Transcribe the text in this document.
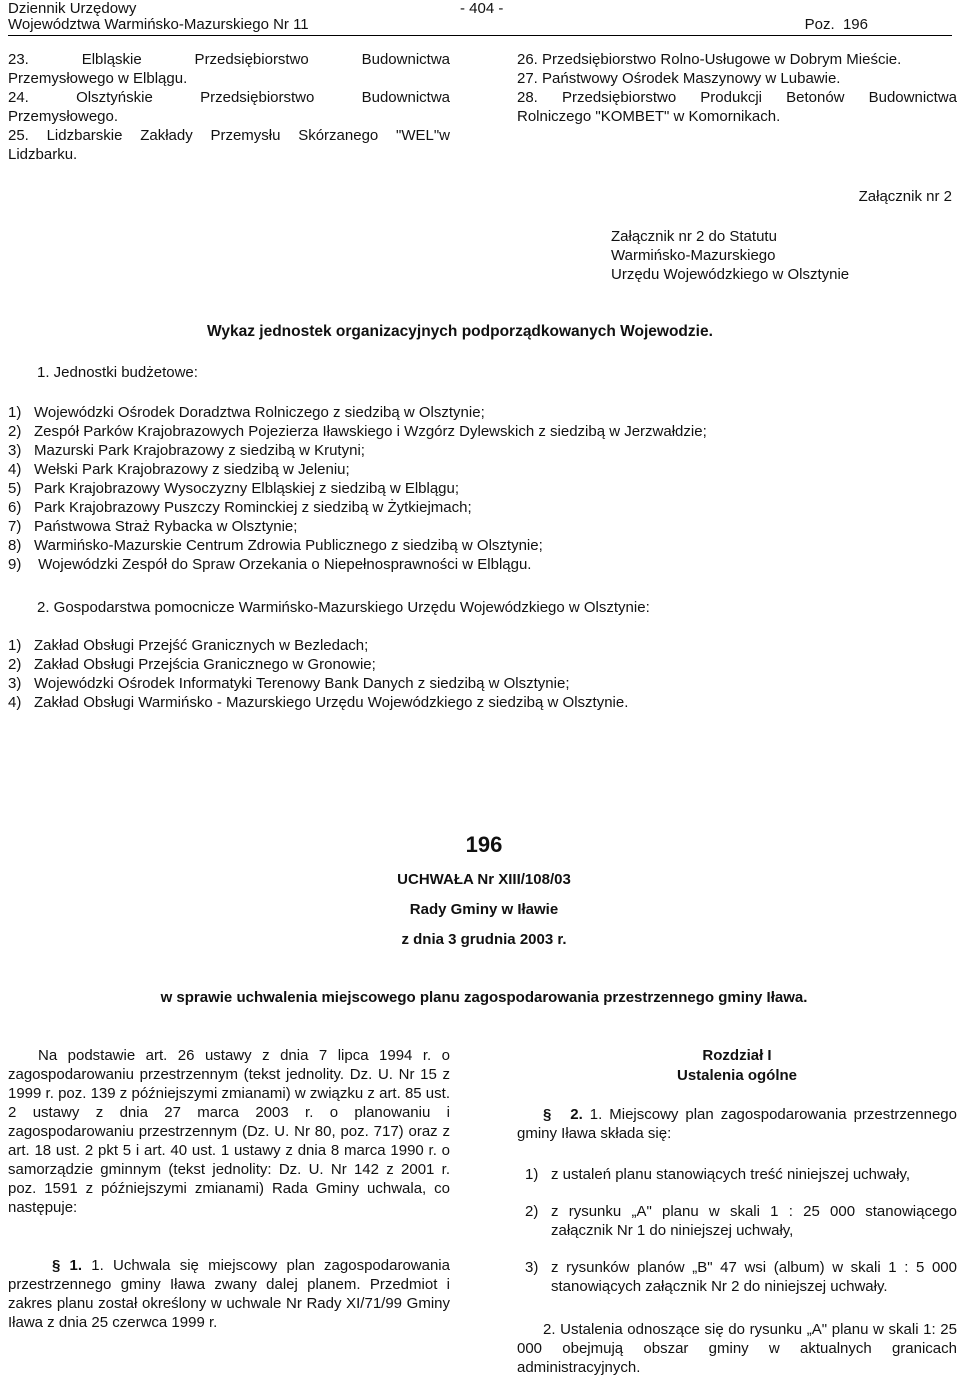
Dziennik Urzędowy
Województwa Warmińsko-Mazurskiego Nr 11
- 404 -
Poz.  196
23.  Elbląskie  Przedsiębiorstwo  Budownictwa
Przemysłowego w Elblągu.
24.  Olsztyńskie  Przedsiębiorstwo  Budownictwa
Przemysłowego.
25. Lidzbarskie Zakłady Przemysłu Skórzanego "WEL"w
Lidzbarku.
26. Przedsiębiorstwo Rolno-Usługowe w Dobrym Mieście.
27. Państwowy Ośrodek Maszynowy w Lubawie.
28.  Przedsiębiorstwo  Produkcji  Betonów  Budownictwa
Rolniczego "KOMBET" w Komornikach.
Załącznik nr 2
Załącznik nr 2 do Statutu
Warmińsko-Mazurskiego
Urzędu Wojewódzkiego w Olsztynie
Wykaz jednostek organizacyjnych podporządkowanych Wojewodzie.
1. Jednostki budżetowe:
1) Wojewódzki Ośrodek Doradztwa Rolniczego z siedzibą w Olsztynie;
2) Zespół Parków Krajobrazowych Pojezierza Iławskiego i Wzgórz Dylewskich z siedzibą w Jerzwałdzie;
3) Mazurski Park Krajobrazowy z siedzibą w Krutyni;
4) Wełski Park Krajobrazowy z siedzibą w Jeleniu;
5) Park Krajobrazowy Wysoczyzny Elbląskiej z siedzibą w Elblągu;
6) Park Krajobrazowy Puszczy Rominckiej z siedzibą w Żytkiejmach;
7) Państwowa Straż Rybacka w Olsztynie;
8) Warmińsko-Mazurskie Centrum Zdrowia Publicznego z siedzibą w Olsztynie;
9) Wojewódzki Zespół do Spraw Orzekania o Niepełnosprawności w Elblągu.
2. Gospodarstwa pomocnicze Warmińsko-Mazurskiego Urzędu Wojewódzkiego w Olsztynie:
1) Zakład Obsługi Przejść Granicznych w Bezledach;
2) Zakład Obsługi Przejścia Granicznego w Gronowie;
3) Wojewódzki Ośrodek Informatyki Terenowy Bank Danych z siedzibą w Olsztynie;
4) Zakład Obsługi Warmińsko - Mazurskiego Urzędu Wojewódzkiego z siedzibą w Olsztynie.
196
UCHWAŁA Nr XIII/108/03
Rady Gminy w Iławie
z dnia 3 grudnia 2003 r.
w sprawie uchwalenia miejscowego planu zagospodarowania przestrzennego gminy Iława.
Na podstawie art. 26 ustawy z dnia 7 lipca 1994 r. o zagospodarowaniu przestrzennym (tekst jednolity. Dz. U. Nr 15 z 1999 r. poz. 139 z późniejszymi zmianami) w związku z art. 85 ust. 2 ustawy z dnia 27 marca 2003 r. o planowaniu i zagospodarowaniu przestrzennym (Dz. U. Nr 80, poz. 717) oraz z art. 18 ust. 2 pkt 5 i art. 40 ust. 1 ustawy z dnia 8 marca 1990 r. o samorządzie gminnym (tekst jednolity: Dz. U. Nr 142 z 2001 r. poz. 1591 z późniejszymi zmianami) Rada Gminy uchwala, co następuje:
§ 1. 1. Uchwala się miejscowy plan zagospodarowania przestrzennego gminy Iława zwany dalej planem. Przedmiot i zakres planu został określony w uchwale Nr Rady XI/71/99 Gminy Iława z dnia 25 czerwca 1999 r.
Rozdział I
Ustalenia ogólne
§ 2. 1. Miejscowy plan zagospodarowania przestrzennego gminy Iława składa się:
1) z ustaleń planu stanowiących treść niniejszej uchwały,
2) z rysunku „A" planu w skali 1 : 25 000 stanowiącego załącznik Nr 1 do niniejszej uchwały,
3) z rysunków planów „B" 47 wsi (album) w skali 1 : 5 000 stanowiących załącznik Nr 2 do niniejszej uchwały.
2. Ustalenia odnoszące się do rysunku „A" planu w skali 1: 25 000 obejmują obszar gminy w aktualnych granicach administracyjnych.
